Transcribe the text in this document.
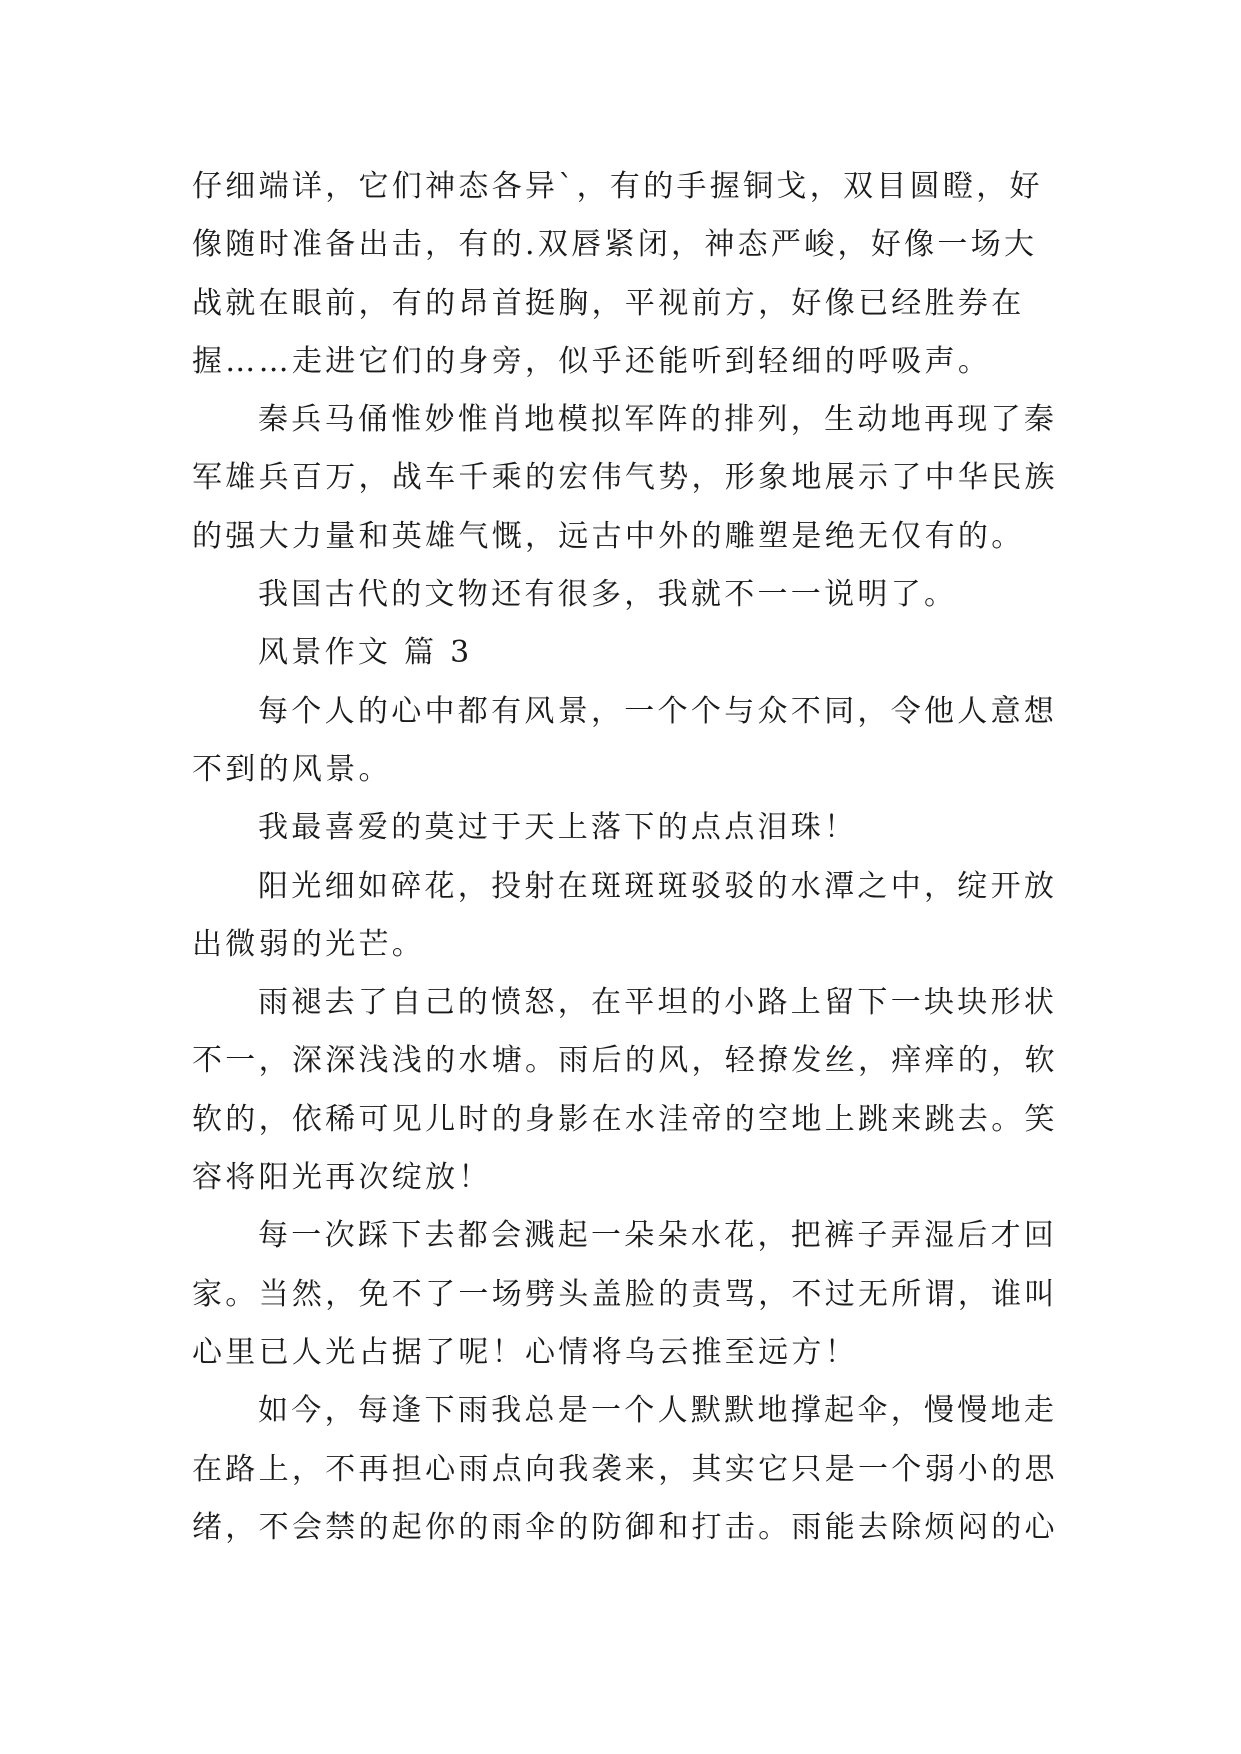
仔细端详，它们神态各异`，有的手握铜戈，双目圆瞪，好
像随时准备出击，有的.双唇紧闭，神态严峻，好像一场大
战就在眼前，有的昂首挺胸，平视前方，好像已经胜券在
握……走进它们的身旁，似乎还能听到轻细的呼吸声。
秦兵马俑惟妙惟肖地模拟军阵的排列，生动地再现了秦
军雄兵百万，战车千乘的宏伟气势，形象地展示了中华民族
的强大力量和英雄气慨，远古中外的雕塑是绝无仅有的。
我国古代的文物还有很多，我就不一一说明了。
风景作文 篇 3
每个人的心中都有风景，一个个与众不同，令他人意想
不到的风景。
我最喜爱的莫过于天上落下的点点泪珠！
阳光细如碎花，投射在斑斑斑驳驳的水潭之中，绽开放
出微弱的光芒。
雨褪去了自己的愤怒，在平坦的小路上留下一块块形状
不一，深深浅浅的水塘。雨后的风，轻撩发丝，痒痒的，软
软的，依稀可见儿时的身影在水洼帝的空地上跳来跳去。笑
容将阳光再次绽放！
每一次踩下去都会溅起一朵朵水花，把裤子弄湿后才回
家。当然，免不了一场劈头盖脸的责骂，不过无所谓，谁叫
心里已人光占据了呢！心情将乌云推至远方！
如今，每逢下雨我总是一个人默默地撑起伞，慢慢地走
在路上，不再担心雨点向我袭来，其实它只是一个弱小的思
绪，不会禁的起你的雨伞的防御和打击。雨能去除烦闷的心
